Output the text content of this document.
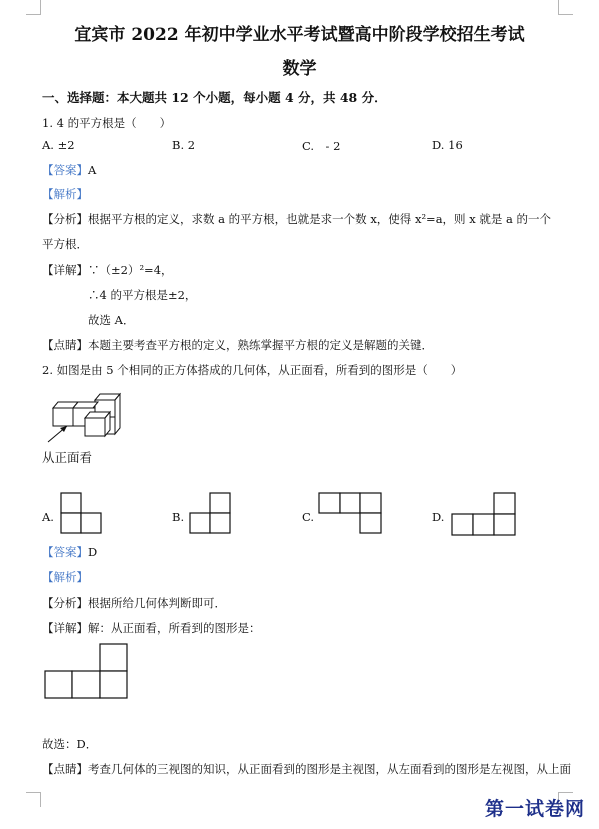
宜宾市 2022 年初中学业水平考试暨高中阶段学校招生考试
数学
一、选择题：本大题共 12 个小题，每小题 4 分，共 48 分．
1. 4 的平方根是（　　）
A. ±2	B. 2	C.　- 2	D. 16
【答案】A
【解析】
【分析】根据平方根的定义，求数 a 的平方根，也就是求一个数 x，使得 x²=a，则 x 就是 a 的一个
平方根．
【详解】∵（±2）²=4，
∴4 的平方根是±2，
故选 A．
【点睛】本题主要考查平方根的定义，熟练掌握平方根的定义是解题的关键．
2. 如图是由 5 个相同的正方体搭成的几何体，从正面看，所看到的图形是（　　）
从正面看
A.	B.	C.	D.
【答案】D
【解析】
【分析】根据所给几何体判断即可．
【详解】解：从正面看，所看到的图形是：
故选：D．
【点睛】考查几何体的三视图的知识，从正面看到的图形是主视图，从左面看到的图形是左视图，从上面
第一试卷网
